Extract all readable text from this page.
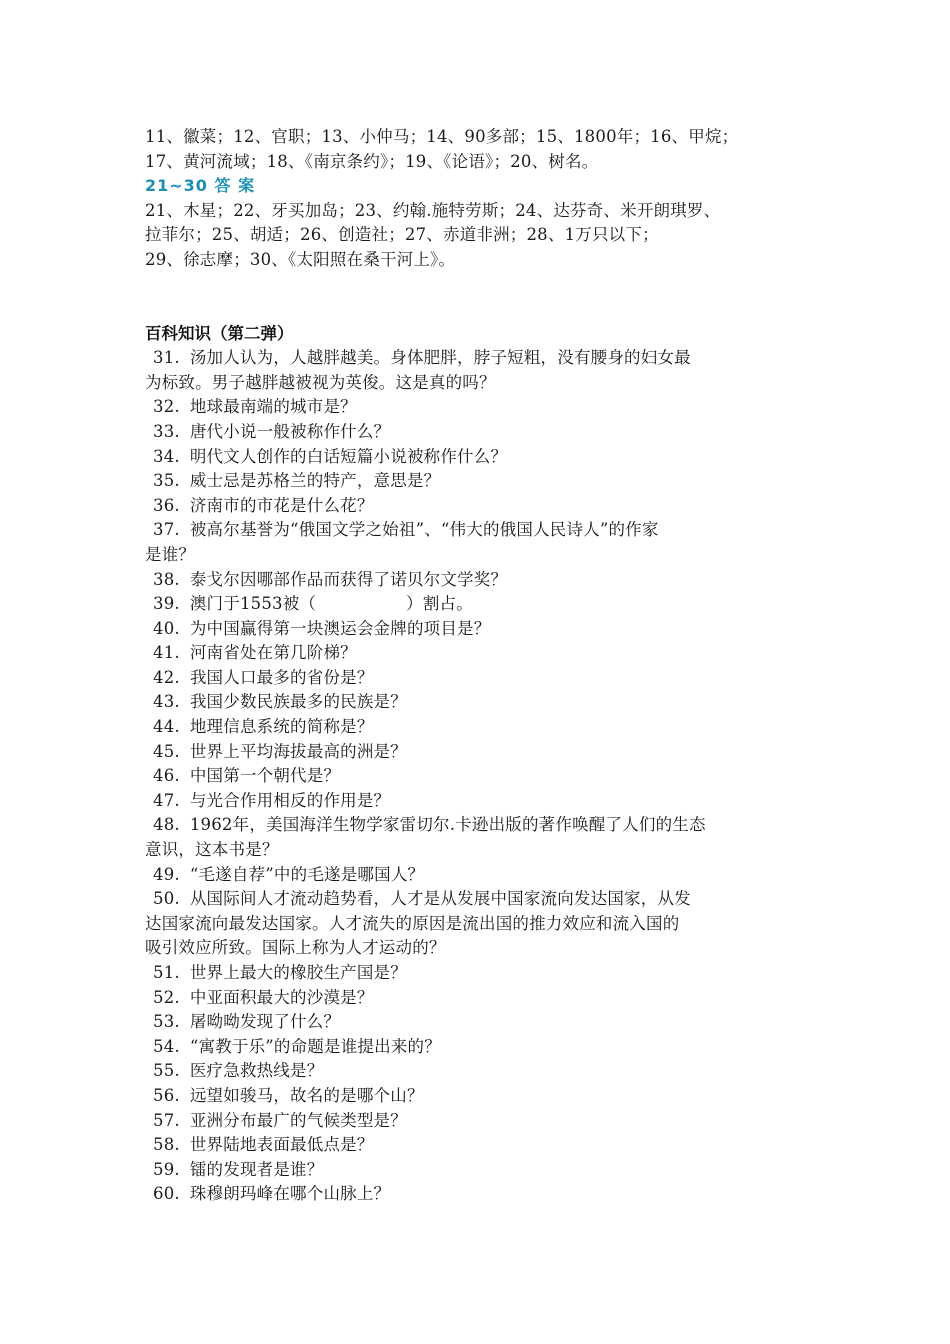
11、徽菜；12、官职；13、小仲马；14、90多部；15、1800年；16、甲烷；
17、黄河流域；18、《南京条约》；19、《论语》；20、树名。
21~30 答 案
21、木星；22、牙买加岛；23、约翰.施特劳斯；24、达芬奇、米开朗琪罗、
拉菲尔；25、胡适；26、创造社；27、赤道非洲；28、1万只以下；
29、徐志摩；30、《太阳照在桑干河上》。
百科知识（第二弹）
31. 汤加人认为，人越胖越美。身体肥胖，脖子短粗，没有腰身的妇女最
为标致。男子越胖越被视为英俊。这是真的吗？
32. 地球最南端的城市是？
33. 唐代小说一般被称作什么？
34. 明代文人创作的白话短篇小说被称作什么？
35. 威士忌是苏格兰的特产，意思是？
36. 济南市的市花是什么花？
37. 被高尔基誉为“俄国文学之始祖”、“伟大的俄国人民诗人”的作家
是谁？
38. 泰戈尔因哪部作品而获得了诺贝尔文学奖？
39. 澳门于1553被（	）割占。
40. 为中国赢得第一块澳运会金牌的项目是？
41. 河南省处在第几阶梯？
42. 我国人口最多的省份是？
43. 我国少数民族最多的民族是？
44. 地理信息系统的简称是？
45. 世界上平均海拔最高的洲是？
46. 中国第一个朝代是？
47. 与光合作用相反的作用是？
48. 1962年，美国海洋生物学家雷切尔.卡逊出版的著作唤醒了人们的生态
意识，这本书是？
49. “毛遂自荐”中的毛遂是哪国人？
50. 从国际间人才流动趋势看，人才是从发展中国家流向发达国家，从发
达国家流向最发达国家。人才流失的原因是流出国的推力效应和流入国的
吸引效应所致。国际上称为人才运动的？
51. 世界上最大的橡胶生产国是？
52. 中亚面积最大的沙漠是？
53. 屠呦呦发现了什么？
54. “寓教于乐”的命题是谁提出来的？
55. 医疗急救热线是？
56. 远望如骏马，故名的是哪个山？
57. 亚洲分布最广的气候类型是？
58. 世界陆地表面最低点是？
59. 镭的发现者是谁？
60. 珠穆朗玛峰在哪个山脉上？
